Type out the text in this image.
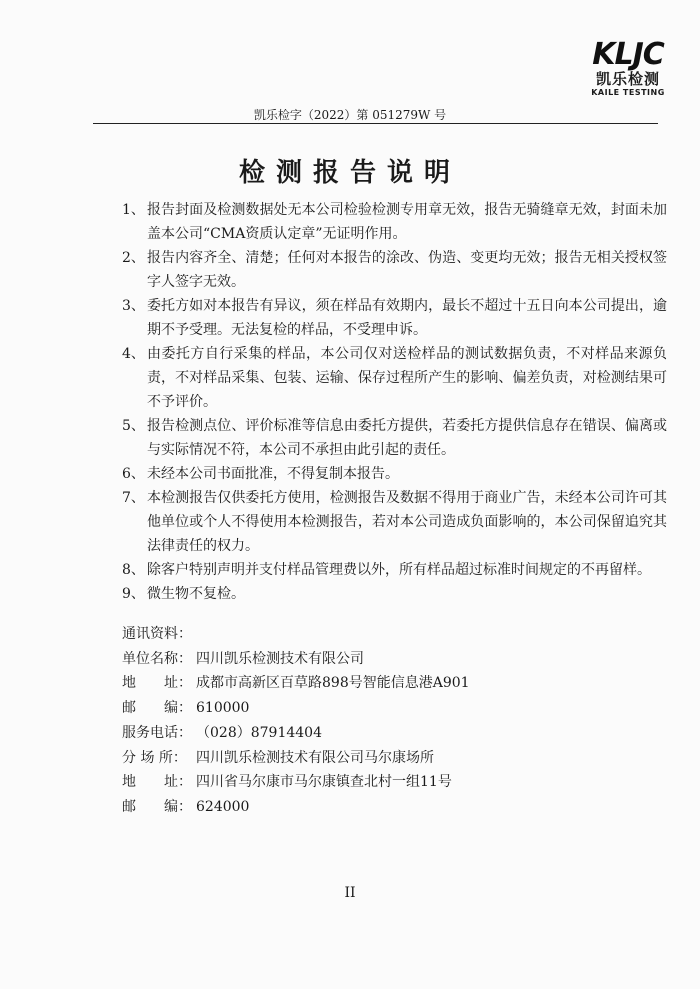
KLJC
凯乐检测
KAILE TESTING
凯乐检字（2022）第 051279W 号
检测报告说明
1、 报告封面及检测数据处无本公司检验检测专用章无效，报告无骑缝章无效，封面未加盖本公司“CMA资质认定章”无证明作用。
2、 报告内容齐全、清楚；任何对本报告的涂改、伪造、变更均无效；报告无相关授权签字人签字无效。
3、 委托方如对本报告有异议，须在样品有效期内，最长不超过十五日向本公司提出，逾期不予受理。无法复检的样品，不受理申诉。
4、 由委托方自行采集的样品，本公司仅对送检样品的测试数据负责，不对样品来源负责，不对样品采集、包装、运输、保存过程所产生的影响、偏差负责，对检测结果可不予评价。
5、 报告检测点位、评价标准等信息由委托方提供，若委托方提供信息存在错误、偏离或与实际情况不符，本公司不承担由此引起的责任。
6、 未经本公司书面批准，不得复制本报告。
7、 本检测报告仅供委托方使用，检测报告及数据不得用于商业广告，未经本公司许可其他单位或个人不得使用本检测报告，若对本公司造成负面影响的，本公司保留追究其法律责任的权力。
8、 除客户特别声明并支付样品管理费以外，所有样品超过标准时间规定的不再留样。
9、 微生物不复检。
通讯资料：
单位名称： 四川凯乐检测技术有限公司
地　　址： 成都市高新区百草路898号智能信息港A901
邮　　编： 610000
服务电话： （028）87914404
分 场 所： 四川凯乐检测技术有限公司马尔康场所
地　　址： 四川省马尔康市马尔康镇查北村一组11号
邮　　编： 624000
II
